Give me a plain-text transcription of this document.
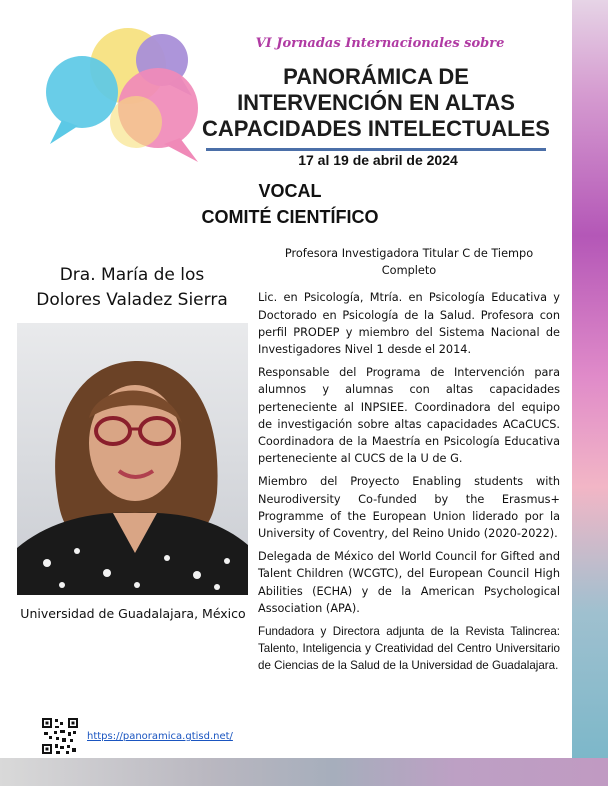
VI Jornadas Internacionales sobre
PANORÁMICA DE
INTERVENCIÓN EN ALTAS
CAPACIDADES INTELECTUALES
17 al 19 de abril de 2024
VOCAL
COMITÉ CIENTÍFICO
Dra. María de los
Dolores Valadez Sierra
Universidad de Guadalajara, México
https://panoramica.gtisd.net/

Profesora Investigadora Titular C de Tiempo Completo

Lic. en Psicología, Mtría. en Psicología Educativa y Doctorado en Psicología de la Salud. Profesora con perfil PRODEP y miembro del Sistema Nacional de Investigadores Nivel 1 desde el 2014.

Responsable del Programa de Intervención para alumnos y alumnas con altas capacidades perteneciente al INPSIEE. Coordinadora del equipo de investigación sobre altas capacidades ACaCUCS. Coordinadora de la Maestría en Psicología Educativa perteneciente al CUCS de la U de G.

Miembro del Proyecto Enabling students with Neurodiversity Co-funded by the Erasmus+ Programme of the European Union liderado por la University of Coventry, del Reino Unido (2020-2022).

Delegada de México del World Council for Gifted and Talent Children (WCGTC), del European Council High Abilities (ECHA) y de la American Psychological Association (APA).

Fundadora y Directora adjunta de la Revista Talincrea: Talento, Inteligencia y Creatividad del Centro Universitario de Ciencias de la Salud de la Universidad de Guadalajara.
